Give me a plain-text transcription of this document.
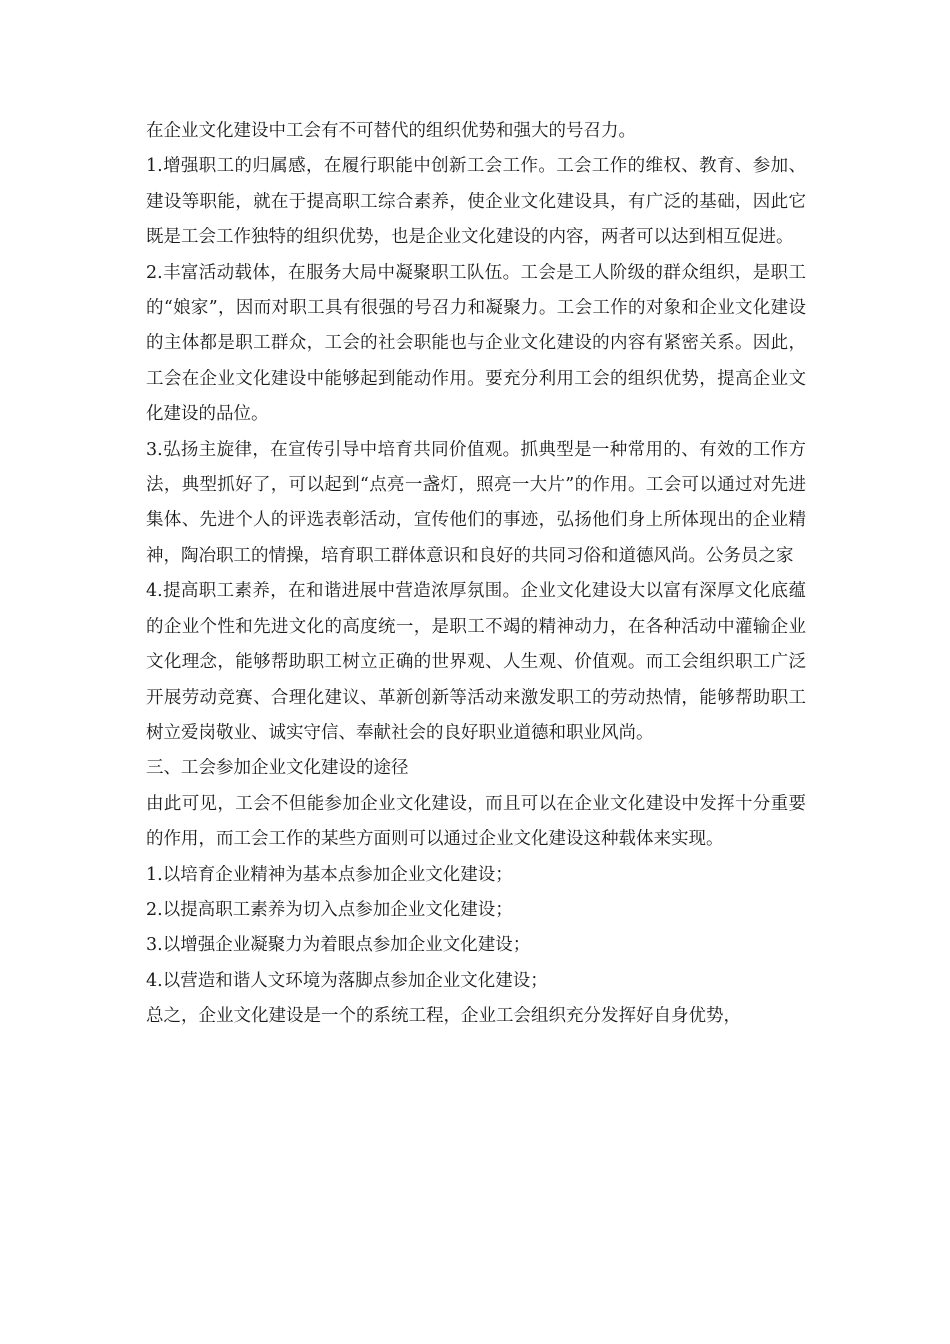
在企业文化建设中工会有不可替代的组织优势和强大的号召力。

1.增强职工的归属感，在履行职能中创新工会工作。工会工作的维权、教育、参加、建设等职能，就在于提高职工综合素养，使企业文化建设具，有广泛的基础，因此它既是工会工作独特的组织优势，也是企业文化建设的内容，两者可以达到相互促进。

2.丰富活动载体，在服务大局中凝聚职工队伍。工会是工人阶级的群众组织，是职工的“娘家”，因而对职工具有很强的号召力和凝聚力。工会工作的对象和企业文化建设的主体都是职工群众，工会的社会职能也与企业文化建设的内容有紧密关系。因此，工会在企业文化建设中能够起到能动作用。要充分利用工会的组织优势，提高企业文化建设的品位。

3.弘扬主旋律，在宣传引导中培育共同价值观。抓典型是一种常用的、有效的工作方法，典型抓好了，可以起到“点亮一盏灯，照亮一大片”的作用。工会可以通过对先进集体、先进个人的评选表彰活动，宣传他们的事迹，弘扬他们身上所体现出的企业精神，陶冶职工的情操，培育职工群体意识和良好的共同习俗和道德风尚。公务员之家

4.提高职工素养，在和谐进展中营造浓厚氛围。企业文化建设大以富有深厚文化底蕴的企业个性和先进文化的高度统一，是职工不竭的精神动力，在各种活动中灌输企业文化理念，能够帮助职工树立正确的世界观、人生观、价值观。而工会组织职工广泛开展劳动竞赛、合理化建议、革新创新等活动来激发职工的劳动热情，能够帮助职工树立爱岗敬业、诚实守信、奉献社会的良好职业道德和职业风尚。

三、工会参加企业文化建设的途径

由此可见，工会不但能参加企业文化建设，而且可以在企业文化建设中发挥十分重要的作用，而工会工作的某些方面则可以通过企业文化建设这种载体来实现。

1.以培育企业精神为基本点参加企业文化建设；

2.以提高职工素养为切入点参加企业文化建设；

3.以增强企业凝聚力为着眼点参加企业文化建设；

4.以营造和谐人文环境为落脚点参加企业文化建设；

总之，企业文化建设是一个的系统工程，企业工会组织充分发挥好自身优势，
